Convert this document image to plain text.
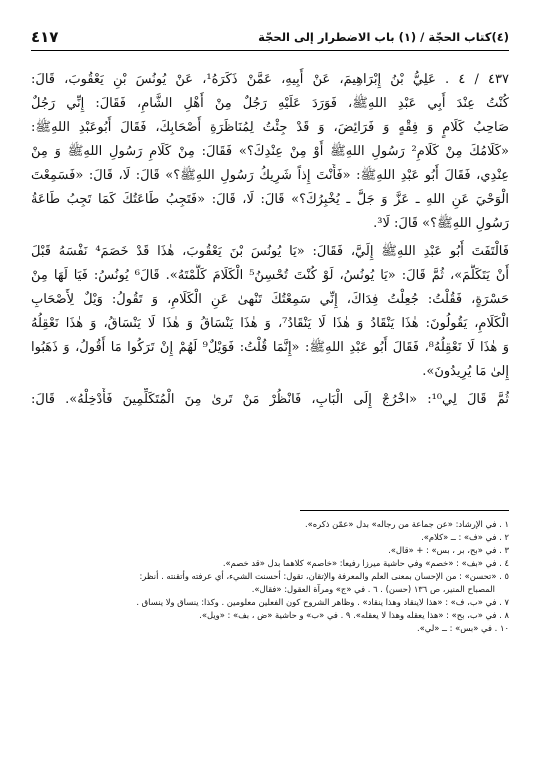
(٤)كتاب الحجّة / (١) باب الاضطرار إلى الحجّة
٤١٧
٤٣٧ / ٤ . عَلِيُّ بْنُ إِبْرَاهِيمَ، عَنْ أَبِيهِ، عَمَّنْ ذَكَرَهُ¹، عَنْ يُونُسَ بْنِ يَعْقُوبَ، قَالَ:
كُنْتُ عِنْدَ أَبِي عَبْدِ اللهِﷺ، فَوَرَدَ عَلَيْهِ رَجُلٌ مِنْ أَهْلِ الشَّامِ، فَقَالَ: إِنِّي رَجُلٌ
صَاحِبُ كَلَامٍ وَ فِقْهٍ وَ فَرَائِضَ، وَ قَدْ جِئْتُ لِمُنَاظَرَةِ أَصْحَابِكَ، فَقَالَ أَبُوعَبْدِ اللهِﷺ:
«كَلَامُكَ مِنْ كَلَامِ² رَسُولِ اللهِﷺ أَوْ مِنْ عِنْدِكَ؟» فَقَالَ: مِنْ كَلَامِ رَسُولِ اللهِﷺ وَ مِنْ
عِنْدِي، فَقَالَ أَبُو عَبْدِ اللهِﷺ: «فَأَنْتَ إِذاً شَرِيكُ رَسُولِ اللهِﷺ؟» قَالَ: لَا، قَالَ: «فَسَمِعْتَ
الْوَحْيَ عَنِ اللهِ ـ عَزَّ وَ جَلَّ ـ يُخْبِرُكَ؟» قَالَ: لَا، قَالَ: «فَتَجِبُ طَاعَتُكَ كَمَا تَجِبُ طَاعَةُ
رَسُولِ اللهِﷺ؟» قَالَ: لَا³.
فَالْتَفَتَ أَبُو عَبْدِ اللهِﷺ إِلَيَّ، فَقَالَ: «يَا يُونُسَ بْنَ يَعْقُوبَ، هٰذَا قَدْ خَصَمَ⁴ نَفْسَهُ قَبْلَ
أَنْ يَتَكَلَّمَ»، ثُمَّ قَالَ: «يَا يُونُسُ، لَوْ كُنْتَ تُحْسِنُ⁵ الْكَلَامَ كَلَّمْتَهُ». قَالَ⁶ يُونُسُ: فَيَا لَهَا مِنْ
حَسْرَةٍ، فَقُلْتُ: جُعِلْتُ فِدَاكَ، إِنِّي سَمِعْتُكَ تَنْهىٰ عَنِ الْكَلَامِ، وَ تَقُولُ: وَيْلٌ لِأَصْحَابِ
الْكَلَامِ، يَقُولُونَ: هٰذَا يَنْقَادُ وَ هٰذَا لَا يَنْقَادُ⁷، وَ هٰذَا يَنْسَاقُ وَ هٰذَا لَا يَنْسَاقُ، وَ هٰذَا نَعْقِلُهُ
وَ هٰذَا لَا نَعْقِلُهُ⁸، فَقَالَ أَبُو عَبْدِ اللهِﷺ: «إِنَّمَا قُلْتُ: فَوَيْلٌ⁹ لَهُمْ إِنْ تَرَكُوا مَا أَقُولُ، وَ ذَهَبُوا
إِلىٰ مَا يُرِيدُونَ».
ثُمَّ قَالَ لِي¹⁰: «اخْرُجْ إِلَى الْبَابِ، فَانْظُرْ مَنْ تَرىٰ مِنَ الْمُتَكَلِّمِينَ فَأَدْخِلْهُ». قَالَ:
١ . في الإرشاد: «عن جماعة من رجاله» بدل «عمّن ذكره».
٢ . في «ف» : ــ «كلام».
٣ . في «بح، بر ، بس» : + «قال».
٤ . في «بف» : «خصم» وفي حاشية ميرزا رفيعا: «خاصم» كلاهما بدل «قد خصم».
٥ . «تحسن» : من الإحسان بمعنى العلم والمعرفة والإتقان، تقول: أحسنت الشيء، أي عرفته وأتقنته . أنظر:
المصباح المنير، ص ١٣٦ (حسن) . ٦ . في «ج» ومرآة العقول: «فقال».
٧ . في «ب، ف» : «هذا لاينقاد وهذا ينقاد» . وظاهر الشروح كون الفعلين معلومين . وكذا: ينساق ولا ينساق .
٨ . في «ب، بح» : «هذا يعقله وهذا لا يعقله». ٩ . في «ب» و حاشية «ض ، بف» : «ويل».
١٠ . في «بس» : ــ «لي».
